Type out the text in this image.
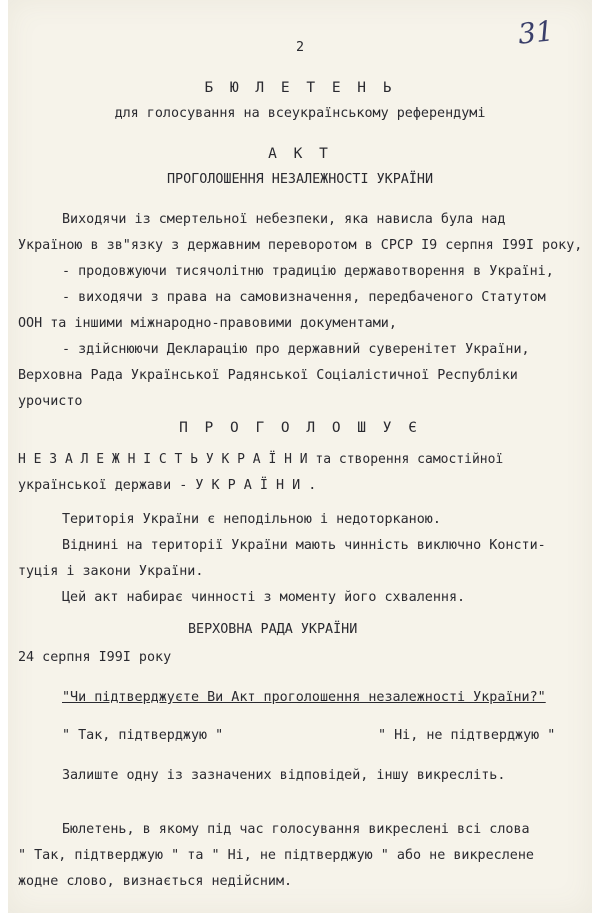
31

2

Б Ю Л Е Т Е Н Ь

для голосування на всеукраїнському референдумі

А К Т

ПРОГОЛОШЕННЯ НЕЗАЛЕЖНОСТІ УКРАЇНИ

Виходячи із смертельної небезпеки, яка нависла була над

Україною в зв"язку з державним переворотом в СРСР I9 серпня I99I року,

- продовжуючи тисячолітню традицію державотворення в Україні,

- виходячи з права на самовизначення, передбаченого Статутом

ООН та іншими міжнародно-правовими документами,

- здійснюючи Декларацію про державний суверенітет України,

Верховна Рада Української Радянської Соціалістичної Республіки

урочисто

П Р О Г О Л О Ш У Є

Н Е З А Л Е Ж Н І С Т Ь У К Р А Ї Н И та створення самостійної

української держави - У К Р А Ї Н И .

Територія України є неподільною і недоторканою.

Віднині на території України мають чинність виключно Консти-

туція і закони України.

Цей акт набирає чинності з моменту його схвалення.

ВЕРХОВНА РАДА УКРАЇНИ

24 серпня I99I року

"Чи підтверджуєте Ви Акт проголошення незалежності України?"

" Так, підтверджую "	" Ні, не підтверджую "

Залиште одну із зазначених відповідей, іншу викресліть.

Бюлетень, в якому під час голосування викреслені всі слова

" Так, підтверджую " та " Ні, не підтверджую " або не викреслене

жодне слово, визнається недійсним.
